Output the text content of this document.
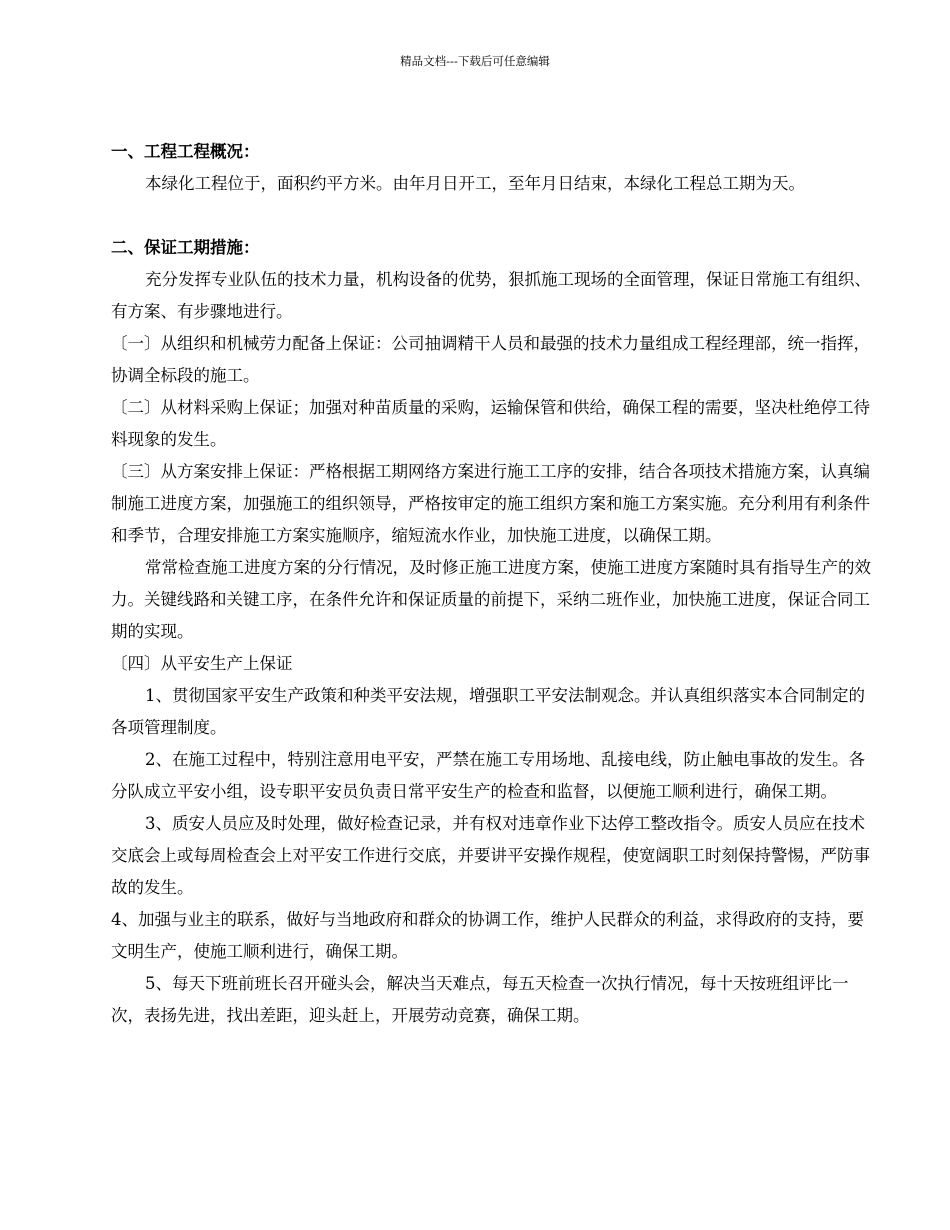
精品文档---下载后可任意编辑

一、工程工程概况：

本绿化工程位于，面积约平方米。由年月日开工，至年月日结束，本绿化工程总工期为天。

二、保证工期措施：

充分发挥专业队伍的技术力量，机构设备的优势，狠抓施工现场的全面管理，保证日常施工有组织、有方案、有步骤地进行。

〔一〕从组织和机械劳力配备上保证：公司抽调精干人员和最强的技术力量组成工程经理部，统一指挥，协调全标段的施工。

〔二〕从材料采购上保证；加强对种苗质量的采购，运输保管和供给，确保工程的需要，坚决杜绝停工待料现象的发生。

〔三〕从方案安排上保证：严格根据工期网络方案进行施工工序的安排，结合各项技术措施方案，认真编制施工进度方案，加强施工的组织领导，严格按审定的施工组织方案和施工方案实施。充分利用有利条件和季节，合理安排施工方案实施顺序，缩短流水作业，加快施工进度，以确保工期。

常常检查施工进度方案的分行情况，及时修正施工进度方案，使施工进度方案随时具有指导生产的效力。关键线路和关键工序，在条件允许和保证质量的前提下，采纳二班作业，加快施工进度，保证合同工期的实现。

〔四〕从平安生产上保证

1、贯彻国家平安生产政策和种类平安法规，增强职工平安法制观念。并认真组织落实本合同制定的各项管理制度。

2、在施工过程中，特别注意用电平安，严禁在施工专用场地、乱接电线，防止触电事故的发生。各分队成立平安小组，设专职平安员负责日常平安生产的检查和监督，以便施工顺利进行，确保工期。

3、质安人员应及时处理，做好检查记录，并有权对违章作业下达停工整改指令。质安人员应在技术交底会上或每周检查会上对平安工作进行交底，并要讲平安操作规程，使宽阔职工时刻保持警惕，严防事故的发生。

4、加强与业主的联系，做好与当地政府和群众的协调工作，维护人民群众的利益，求得政府的支持，要文明生产，使施工顺利进行，确保工期。

5、每天下班前班长召开碰头会，解决当天难点，每五天检查一次执行情况，每十天按班组评比一次，表扬先进，找出差距，迎头赶上，开展劳动竞赛，确保工期。
